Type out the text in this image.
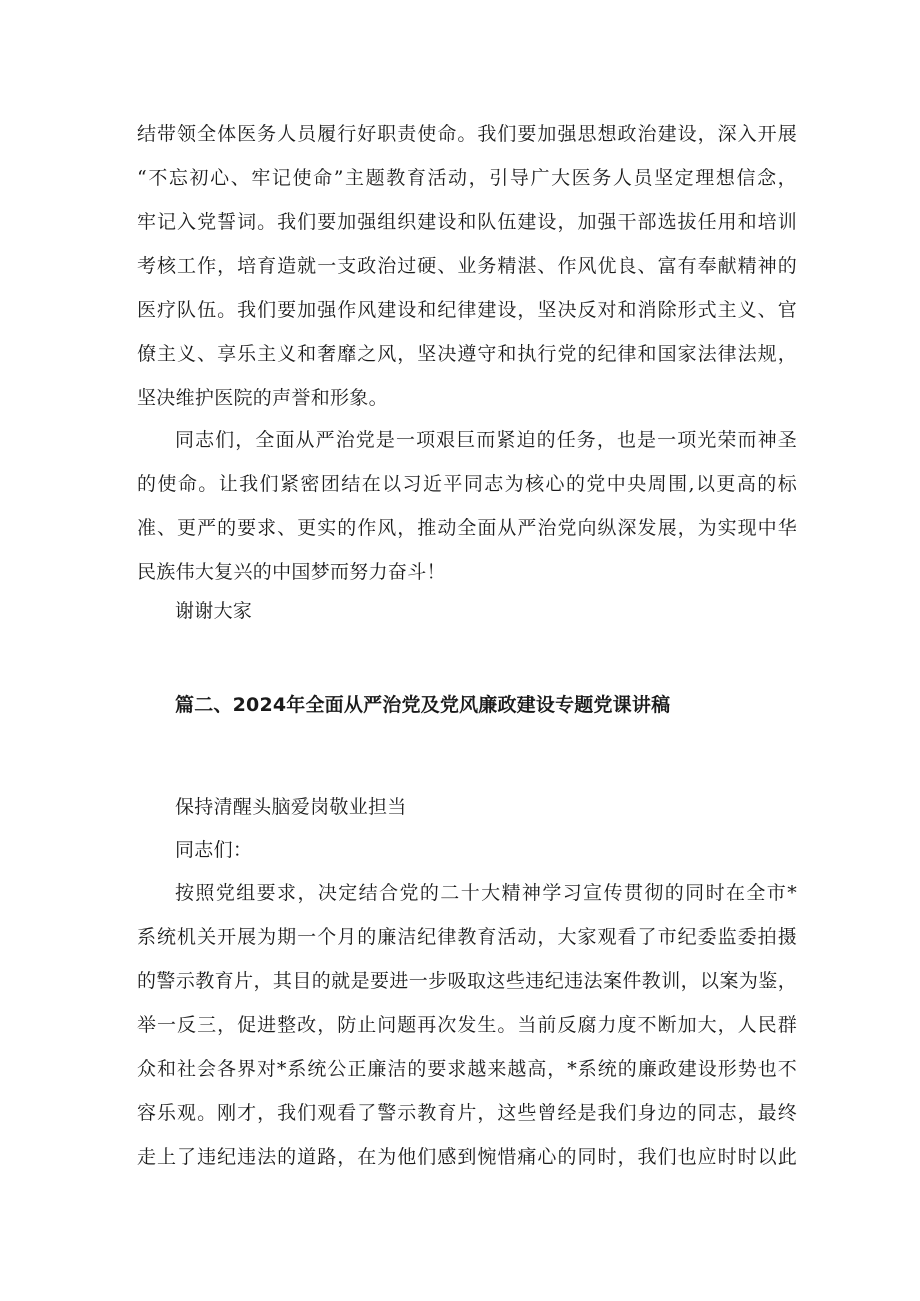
结带领全体医务人员履行好职责使命。我们要加强思想政治建设，深入开展
“不忘初心、牢记使命”主题教育活动，引导广大医务人员坚定理想信念，
牢记入党誓词。我们要加强组织建设和队伍建设，加强干部选拔任用和培训
考核工作，培育造就一支政治过硬、业务精湛、作风优良、富有奉献精神的
医疗队伍。我们要加强作风建设和纪律建设，坚决反对和消除形式主义、官
僚主义、享乐主义和奢靡之风，坚决遵守和执行党的纪律和国家法律法规，
坚决维护医院的声誉和形象。
同志们，全面从严治党是一项艰巨而紧迫的任务，也是一项光荣而神圣
的使命。让我们紧密团结在以习近平同志为核心的党中央周围,以更高的标
准、更严的要求、更实的作风，推动全面从严治党向纵深发展，为实现中华
民族伟大复兴的中国梦而努力奋斗！
谢谢大家
篇二、2024年全面从严治党及党风廉政建设专题党课讲稿
保持清醒头脑爱岗敬业担当
同志们：
按照党组要求，决定结合党的二十大精神学习宣传贯彻的同时在全市*
系统机关开展为期一个月的廉洁纪律教育活动，大家观看了市纪委监委拍摄
的警示教育片，其目的就是要进一步吸取这些违纪违法案件教训，以案为鉴，
举一反三，促进整改，防止问题再次发生。当前反腐力度不断加大，人民群
众和社会各界对*系统公正廉洁的要求越来越高，*系统的廉政建设形势也不
容乐观。刚才，我们观看了警示教育片，这些曾经是我们身边的同志，最终
走上了违纪违法的道路，在为他们感到惋惜痛心的同时，我们也应时时以此
